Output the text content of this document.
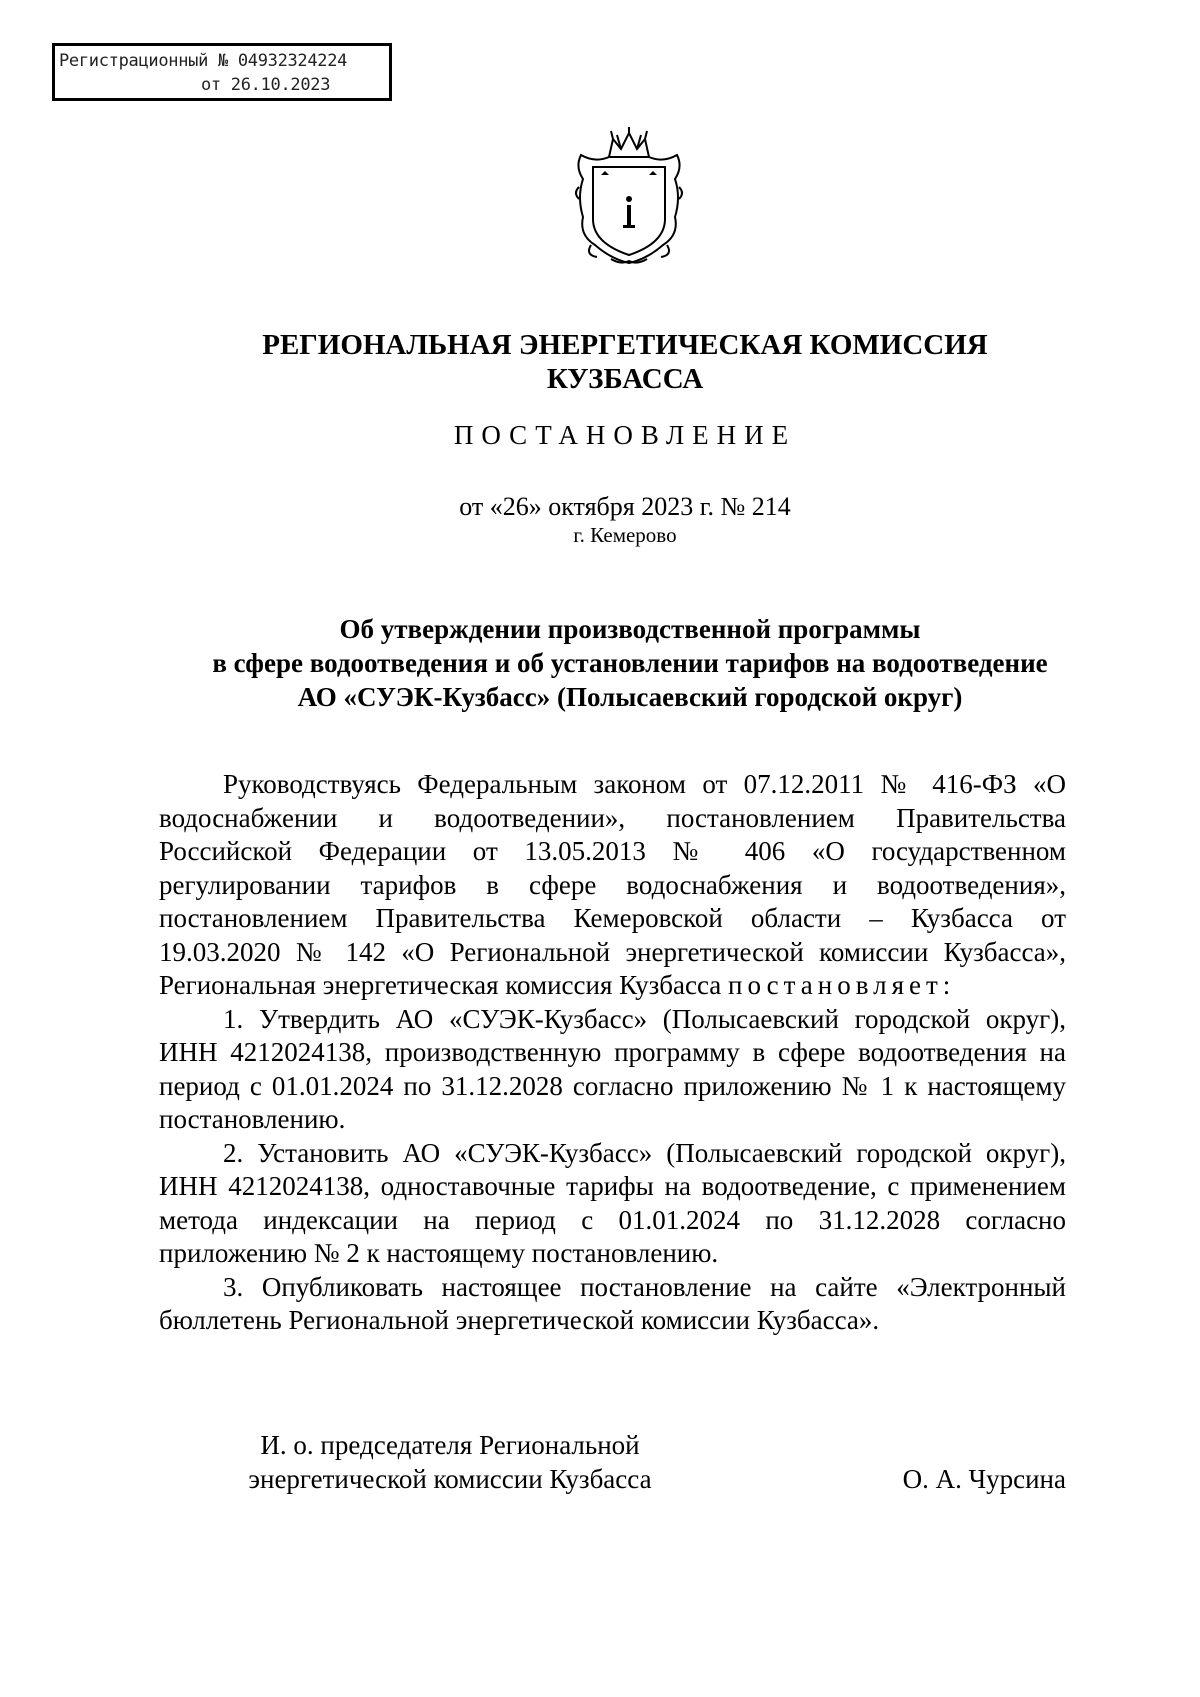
Регистрационный № 04932324224
от 26.10.2023
РЕГИОНАЛЬНАЯ ЭНЕРГЕТИЧЕСКАЯ КОМИССИЯ
КУЗБАССА
ПОСТАНОВЛЕНИЕ
от «26» октября 2023 г. № 214
г. Кемерово
Об утверждении производственной программы
в сфере водоотведения и об установлении тарифов на водоотведение
АО «СУЭК-Кузбасс» (Полысаевский городской округ)

Руководствуясь Федеральным законом от 07.12.2011 № 416-ФЗ «О водоснабжении и водоотведении», постановлением Правительства Российской Федерации от 13.05.2013 № 406 «О государственном регулировании тарифов в сфере водоснабжения и водоотведения», постановлением Правительства Кемеровской области – Кузбасса от 19.03.2020 № 142 «О Региональной энергетической комиссии Кузбасса», Региональная энергетическая комиссия Кузбасса постановляет:

1. Утвердить АО «СУЭК-Кузбасс» (Полысаевский городской округ), ИНН 4212024138, производственную программу в сфере водоотведения на период с 01.01.2024 по 31.12.2028 согласно приложению № 1 к настоящему постановлению.

2. Установить АО «СУЭК-Кузбасс» (Полысаевский городской округ), ИНН 4212024138, одноставочные тарифы на водоотведение, с применением метода индексации на период с 01.01.2024 по 31.12.2028 согласно приложению № 2 к настоящему постановлению.

3. Опубликовать настоящее постановление на сайте «Электронный бюллетень Региональной энергетической комиссии Кузбасса».

И. о. председателя Региональной
энергетической комиссии Кузбасса	О. А. Чурсина
